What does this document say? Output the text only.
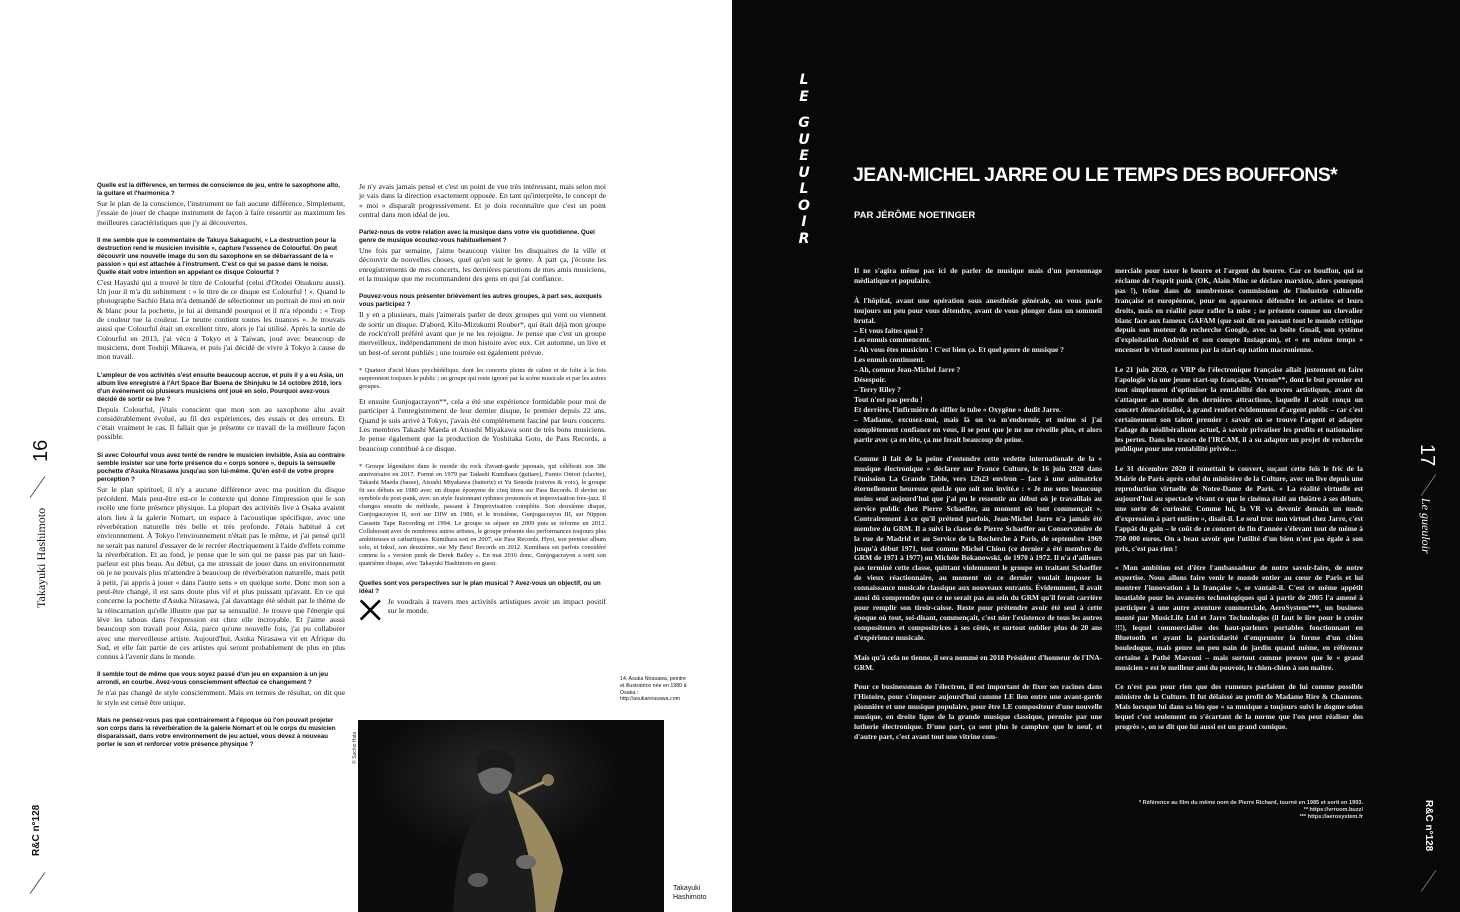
16
Takayuki Hashimoto
R&C n°128

Quelle est la différence, en termes de conscience de jeu, entre le saxophone alto, la guitare et l'harmonica ?

Sur le plan de la conscience, l'instrument ne fait aucune différence. Simplement, j'essaie de jouer de chaque instrument de façon à faire ressortir au maximum les meilleures caractéristiques que j'y ai découvertes.

Il me semble que le commentaire de Takuya Sakaguchi, « La destruction pour la destruction rend le musicien invisible », capture l'essence de Colourful. On peut découvrir une nouvelle image du son du saxophone en se débarrassant de la « passion » qui est attachée à l'instrument. C'est ce qui se passe dans le noise. Quelle était votre intention en appelant ce disque Colourful ?

C'est Hayashi qui a trouvé le titre de Colourful (celui d'Otodei Otsukuru aussi). Un jour il m'a dit subitement : « le titre de ce disque est Colourful ! ». Quand le photographe Sachio Hata m'a demandé de sélectionner un portrait de moi en noir & blanc pour la pochette, je lui ai demandé pourquoi et il m'a répondu : « Trop de couleur tue la couleur. Le neutre contient toutes les nuances ». Je trouvais aussi que Colourful était un excellent titre, alors je l'ai utilisé. Après la sortie de Colourful en 2013, j'ai vécu à Tokyo et à Taiwan, joué avec beaucoup de musiciens, dont Toshiji Mikawa, et puis j'ai décidé de vivre à Tokyo à cause de mon travail.

L'ampleur de vos activités s'est ensuite beaucoup accrue, et puis il y a eu Asia, un album live enregistré à l'Art Space Bar Buena de Shinjuku le 14 octobre 2016, lors d'un événement où plusieurs musiciens ont joué en solo. Pourquoi avez-vous décidé de sortir ce live ?

Depuis Colourful, j'étais conscient que mon son au saxophone alto avait considérablement évolué, au fil des expériences, des essais et des erreurs. Et c'était vraiment le cas. Il fallait que je présente ce travail de la meilleure façon possible.

Si avec Colourful vous avez tenté de rendre le musicien invisible, Asia au contraire semble insister sur une forte présence du « corps sonore », depuis la sensuelle pochette d'Asuka Nirasawa jusqu'au son lui-même. Qu'en est-il de votre propre perception ?

Sur le plan spirituel, il n'y a aucune différence avec ma position du disque précédent. Mais peut-être est-ce le contexte qui donne l'impression que le son recèle une forte présence physique. La plupart des activités live à Osaka avaient alors lieu à la galerie Nomart, un espace à l'acoustique spécifique, avec une réverbération naturelle très belle et très profonde. J'étais habitué à cet environnement. À Tokyo l'environnement n'était pas le même, et j'ai pensé qu'il ne serait pas naturel d'essayer de le recréer électriquement à l'aide d'effets comme la réverbération. Et au fond, je pense que le son qui ne passe pas par un haut-parleur est plus beau. Au début, ça me stressait de jouer dans un environnement où je ne pouvais plus m'attendre à beaucoup de réverbération naturelle, mais petit à petit, j'ai appris à jouer « dans l'autre sens » en quelque sorte. Donc mon son a peut-être changé, il est sans doute plus vif et plus puissant qu'avant. En ce qui concerne la pochette d'Asuka Nirasawa, j'ai davantage été séduit par le thème de la réincarnation qu'elle illustre que par sa sensualité. Je trouve que l'énergie qui lève les tabous dans l'expression est chez elle incroyable. Et j'aime aussi beaucoup son travail pour Asia, parce qu'une nouvelle fois, j'ai pu collaborer avec une merveilleuse artiste. Aujourd'hui, Asuka Nirasawa vit en Afrique du Sud, et elle fait partie de ces artistes qui seront probablement de plus en plus connus à l'avenir dans le monde.

Il semble tout de même que vous soyez passé d'un jeu en expansion à un jeu arrondi, en courbe. Avez-vous consciemment effectué ce changement ?

Je n'ai pas changé de style consciemment. Mais en termes de résultat, on dit que le style est censé être unique.

Mais ne pensez-vous pas que contrairement à l'époque où l'on pouvait projeter son corps dans la réverbération de la galerie Nomart et où le corps du musicien disparaissait, dans votre environnement de jeu actuel, vous devez à nouveau porter le son et renforcer votre présence physique ?

Je n'y avais jamais pensé et c'est un point de vue très intéressant, mais selon moi je vais dans la direction exactement opposée. En tant qu'interprète, le concept de « moi » disparaît progressivement. Et je dois reconnaître que c'est un point central dans mon idéal de jeu.

Parlez-nous de votre relation avec la musique dans votre vie quotidienne. Quel genre de musique écoutez-vous habituellement ?

Une fois par semaine, j'aime beaucoup visiter les disquaires de la ville et découvrir de nouvelles choses, quel qu'en soit le genre. À part ça, j'écoute les enregistrements de mes concerts, les dernières parutions de mes amis musiciens, et la musique que me recommandent des gens en qui j'ai confiance.

Pouvez-vous nous présenter brièvement les autres groupes, à part ses, auxquels vous participez ?

Il y en a plusieurs, mais j'aimerais parler de deux groupes qui vont ou viennent de sortir un disque. D'abord, Kilo-Mizukumi Rouber*, qui était déjà mon groupe de rock'n'roll préféré avant que je ne les rejoigne. Je pense que c'est un groupe merveilleux, indépendamment de mon histoire avec eux. Cet automne, un live et un best-of seront publiés ; une tournée est également prévue.

* Quatuor d'acid blues psychédélique, dont les concerts pleins de calme et de folie à la fois surprennent toujours le public ; un groupe qui reste ignoré par la scène musicale et par les autres groupes.

Et ensuite Gunjogacrayon**, cela a été une expérience formidable pour moi de participer à l'enregistrement de leur dernier disque, le premier depuis 22 ans. Quand je suis arrivé à Tokyo, j'avais été complètement fasciné par leurs concerts. Les membres Takashi Maeda et Atsushi Miyakawa sont de très bons musiciens. Je pense également que la production de Yoshitaka Goto, de Pass Records, a beaucoup contribué à ce disque.

* Groupe légendaire dans le monde du rock d'avant-garde japonais, qui célébrait son 38e anniversaire en 2017. Formé en 1979 par Tadashi Kumihara (guitare), Fumio Omori (clavier), Takashi Maeda (basse), Atsushi Miyakawa (batterie) et Yu Sonoda (cuivres & voix), le groupe fit ses débuts en 1980 avec un disque éponyme de cinq titres sur Pass Records. Il devint un symbole du post-punk, avec un style fusionnant rythmes prononcés et improvisation free-jazz. Il changea ensuite de méthode, passant à l'improvisation complète. Son deuxième disque, Gunjogacrayon II, sort sur DIW en 1986, et le troisième, Gunjogacrayon III, sur Nippon Cassette Tape Recording en 1994. Le groupe se sépare en 2009 puis se reforme en 2012. Collaborant avec de nombreux autres artistes, le groupe présente des performances toujours plus ambitieuses et cathartiques. Kumihara sort en 2007, sur Pass Records, Hyoi, son premier album solo, et Inkuf, son deuxième, sur My Best! Records en 2012. Kumihara est parfois considéré comme la « version punk de Derek Bailey ». En mai 2016 donc, Gunjogacrayon a sorti son quatrième disque, avec Takayuki Hashimoto en guest.

Quelles sont vos perspectives sur le plan musical ? Avez-vous un objectif, ou un idéal ?

Je voudrais à travers mes activités artistiques avoir un impact positif sur le monde.

14. Asuka Nirasawa, peintre et illustratrice née en 1980 à Osaka : http://asukanirasawa.com
© Sachio Hata
Takayuki Hashimoto
L
E

G
U
E
U
L
O
I
R
JEAN-MICHEL JARRE OU LE TEMPS DES BOUFFONS*
PAR JÉRÔME NOETINGER

Il ne s'agira même pas ici de parler de musique mais d'un personnage médiatique et populaire.

À l'hôpital, avant une opération sous anesthésie générale, on vous parle toujours un peu pour vous détendre, avant de vous plonger dans un sommeil brutal.
– Et vous faites quoi ?
Les ennuis commencent.
– Ah vous êtes musicien ! C'est bien ça. Et quel genre de musique ?
Les ennuis continuent.
– Ah, comme Jean-Michel Jarre ?
Désespoir.
– Terry Riley ?
Tout n'est pas perdu !
Et derrière, l'infirmière de siffler le tube « Oxygène » dudit Jarre.
– Madame, excusez-moi, mais là on va m'endormir, et même si j'ai complètement confiance en vous, il se peut que je ne me réveille plus, et alors partir avec ça en tête, ça me ferait beaucoup de peine.

Comme il fait de la peine d'entendre cette vedette internationale de la « musique électronique » déclarer sur France Culture, le 16 juin 2020 dans l'émission La Grande Table, vers 12h23 environ – face à une animatrice éternellement heureuse quel.le que soit son invité.e : « Je me sens beaucoup moins seul aujourd'hui que j'ai pu le ressentir au début où je travaillais au service public chez Pierre Schaeffer, au moment où tout commençait ». Contrairement à ce qu'il prétend parfois, Jean-Michel Jarre n'a jamais été membre du GRM. Il a suivi la classe de Pierre Schaeffer au Conservatoire de la rue de Madrid et au Service de la Recherche à Paris, de septembre 1969 jusqu'à début 1971, tout comme Michel Chion (ce dernier a été membre du GRM de 1971 à 1977) ou Michèle Bokanowski, de 1970 à 1972. Il n'a d'ailleurs pas terminé cette classe, quittant violemment le groupe en traitant Schaeffer de vieux réactionnaire, au moment où ce dernier voulait imposer la connaissance musicale classique aux nouveaux entrants. Évidemment, il avait aussi dû comprendre que ce ne serait pas au sein du GRM qu'il ferait carrière pour remplir son tiroir-caisse. Reste pour prétendre avoir été seul à cette époque où tout, soi-disant, commençait, c'est nier l'existence de tous les autres compositeurs et compositrices à ses côtés, et surtout oublier plus de 20 ans d'expérience musicale.

Mais qu'à cela ne tienne, il sera nommé en 2018 Président d'honneur de l'INA-GRM.

Pour ce businessman de l'électron, il est important de fixer ses racines dans l'Histoire, pour s'imposer aujourd'hui comme LE lien entre une avant-garde pionnière et une musique populaire, pour être LE compositeur d'une nouvelle musique, en droite ligne de la grande musique classique, permise par une lutherie électronique. D'une part, ça sent plus le camphre que le neuf, et d'autre part, c'est avant tout une vitrine com-

merciale pour taxer le beurre et l'argent du beurre. Car ce bouffon, qui se réclame de l'esprit punk (OK, Alain Minc se déclare marxiste, alors pourquoi pas !), trône dans de nombreuses commissions de l'industrie culturelle française et européenne, pour en apparence défendre les artistes et leurs droits, mais en réalité pour rafler la mise ; se présente comme un chevalier blanc face aux fameux GAFAM (que soit dit en passant tout le monde critique depuis son moteur de recherche Google, avec sa boîte Gmail, son système d'exploitation Android et son compte Instagram), et « en même temps » encenser le virtuel soutenu par la start-up nation macronienne.

Le 21 juin 2020, ce VRP de l'électronique française allait justement en faire l'apologie via une jeune start-up française, Vrroom**, dont le but premier est tout simplement d'optimiser la rentabilité des œuvres artistiques, avant de s'attaquer au monde des dernières attractions, laquelle il avait conçu un concert dématérialisé, à grand renfort évidemment d'argent public – car c'est certainement son talent premier : savoir où se trouve l'argent et adapter l'adage du néolibéralisme actuel, à savoir privatiser les profits et nationaliser les pertes. Dans les traces de l'IRCAM, il a su adapter un projet de recherche publique pour une rentabilité privée…

Le 31 décembre 2020 il remettait le couvert, suçant cette fois le fric de la Mairie de Paris après celui du ministère de la Culture, avec un live depuis une reproduction virtuelle de Notre-Dame de Paris. « La réalité virtuelle est aujourd'hui au spectacle vivant ce que le cinéma était au théâtre à ses débuts, une sorte de curiosité. Comme lui, la VR va devenir demain un mode d'expression à part entière », disait-il. Le seul truc non virtuel chez Jarre, c'est l'appât du gain – le coût de ce concert de fin d'année s'élevant tout de même à 750 000 euros. On a beau savoir que l'utilité d'un bien n'est pas égale à son prix, c'est pas rien !

« Mon ambition est d'être l'ambassadeur de notre savoir-faire, de notre expertise. Nous allons faire venir le monde entier au cœur de Paris et lui montrer l'innovation à la française », se vantait-il. C'est ce même appétit insatiable pour les avancées technologiques qui à partir de 2005 l'a amené à participer à une autre aventure commerciale, AeroSystem***, un business monté par MusicLife Ltd et Jarre Technologies (il faut le lire pour le croire !!!), lequel commercialise des haut-parleurs portables fonctionnant en Bluetooth et ayant la particularité d'emprunter la forme d'un chien bouledogue, mais genre un peu nain de jardin quand même, en référence certaine à Pathé Marconi – mais surtout comme preuve que le « grand musicien » est le meilleur ami du pouvoir, le chien-chien à son maître.

Ce n'est pas pour rien que des rumeurs parlaient de lui comme possible ministre de la Culture. Il fut délaissé au profit de Madame Rire & Chansons. Mais lorsque lui dans sa bio que « sa musique a toujours suivi le dogme selon lequel c'est seulement en s'écartant de la norme que l'on peut réaliser des progrès », on se dit que lui aussi est un grand comique.

* Référence au film du même nom de Pierre Richard, tourné en 1985 et sorti en 1993.
** https://vrroom.buzz/
*** https://aerosystem.fr
17
Le gueuloir
R&C n°128
